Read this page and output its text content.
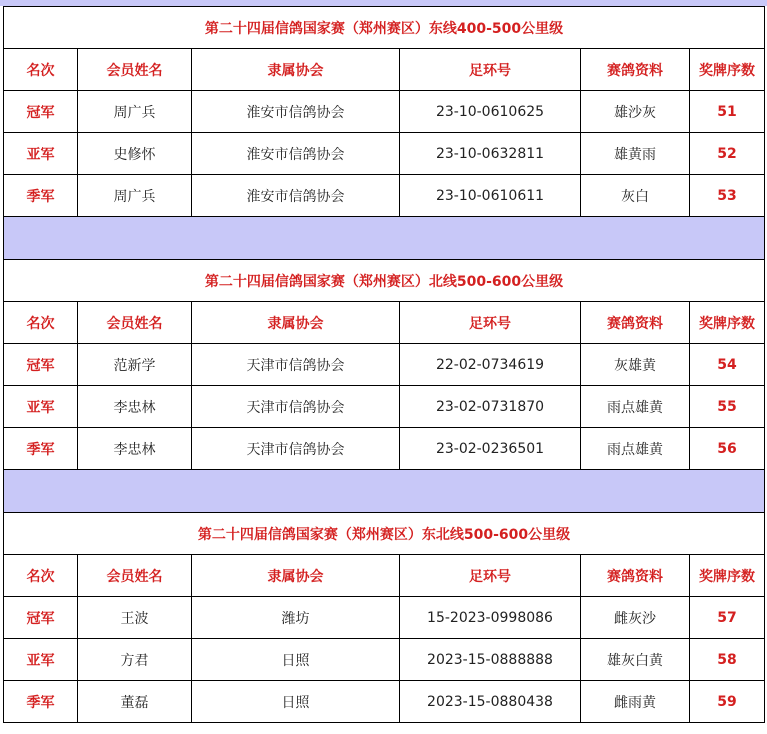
第二十四届信鸽国家赛（郑州赛区）东线400-500公里级					
名次	会员姓名	隶属协会	足环号	赛鸽资料	奖牌序数
冠军	周广兵	淮安市信鸽协会	23-10-0610625	雄沙灰	51
亚军	史修怀	淮安市信鸽协会	23-10-0632811	雄黄雨	52
季军	周广兵	淮安市信鸽协会	23-10-0610611	灰白	53

第二十四届信鸽国家赛（郑州赛区）北线500-600公里级					
名次	会员姓名	隶属协会	足环号	赛鸽资料	奖牌序数
冠军	范新学	天津市信鸽协会	22-02-0734619	灰雄黄	54
亚军	李忠林	天津市信鸽协会	23-02-0731870	雨点雄黄	55
季军	李忠林	天津市信鸽协会	23-02-0236501	雨点雄黄	56

第二十四届信鸽国家赛（郑州赛区）东北线500-600公里级					
名次	会员姓名	隶属协会	足环号	赛鸽资料	奖牌序数
冠军	王波	潍坊	15-2023-0998086	雌灰沙	57
亚军	方君	日照	2023-15-0888888	雄灰白黄	58
季军	董磊	日照	2023-15-0880438	雌雨黄	59
